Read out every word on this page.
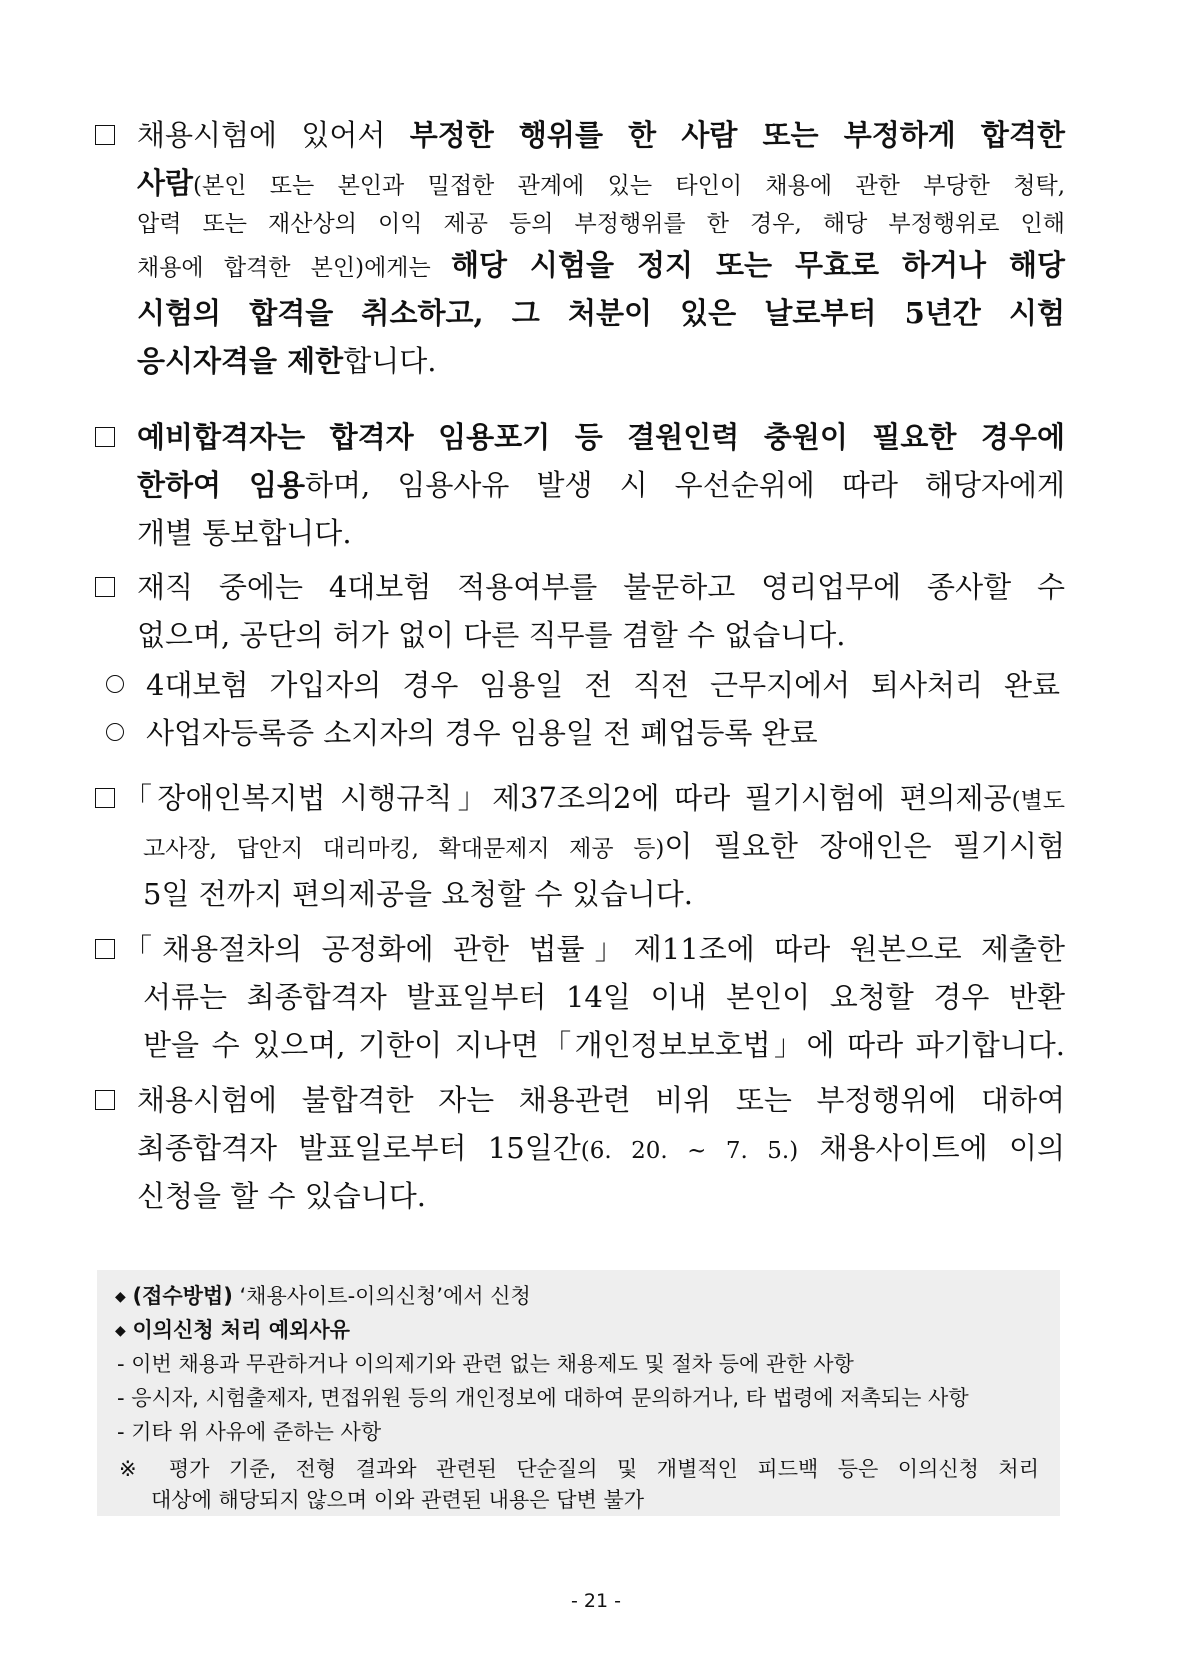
채용시험에 있어서 부정한 행위를 한 사람 또는 부정하게 합격한
사람(본인 또는 본인과 밀접한 관계에 있는 타인이 채용에 관한 부당한 청탁,
압력 또는 재산상의 이익 제공 등의 부정행위를 한 경우, 해당 부정행위로 인해
채용에 합격한 본인)에게는 해당 시험을 정지 또는 무효로 하거나 해당
시험의 합격을 취소하고, 그 처분이 있은 날로부터 5년간 시험
응시자격을 제한합니다.
예비합격자는 합격자 임용포기 등 결원인력 충원이 필요한 경우에
한하여 임용하며, 임용사유 발생 시 우선순위에 따라 해당자에게
개별 통보합니다.
재직 중에는 4대보험 적용여부를 불문하고 영리업무에 종사할 수
없으며, 공단의 허가 없이 다른 직무를 겸할 수 없습니다.
4대보험 가입자의 경우 임용일 전 직전 근무지에서 퇴사처리 완료
사업자등록증 소지자의 경우 임용일 전 폐업등록 완료
「장애인복지법 시행규칙」제37조의2에 따라 필기시험에 편의제공(별도
고사장, 답안지 대리마킹, 확대문제지 제공 등)이 필요한 장애인은 필기시험
5일 전까지 편의제공을 요청할 수 있습니다.
「채용절차의 공정화에 관한 법률」제11조에 따라 원본으로 제출한
서류는 최종합격자 발표일부터 14일 이내 본인이 요청할 경우 반환
받을 수 있으며, 기한이 지나면「개인정보보호법」에 따라 파기합니다.
채용시험에 불합격한 자는 채용관련 비위 또는 부정행위에 대하여
최종합격자 발표일로부터 15일간(6. 20. ~ 7. 5.) 채용사이트에 이의
신청을 할 수 있습니다.
◆ (접수방법) ‘채용사이트-이의신청’에서 신청
◆ 이의신청 처리 예외사유
- 이번 채용과 무관하거나 이의제기와 관련 없는 채용제도 및 절차 등에 관한 사항
- 응시자, 시험출제자, 면접위원 등의 개인정보에 대하여 문의하거나, 타 법령에 저촉되는 사항
- 기타 위 사유에 준하는 사항
※ 평가 기준, 전형 결과와 관련된 단순질의 및 개별적인 피드백 등은 이의신청 처리
대상에 해당되지 않으며 이와 관련된 내용은 답변 불가
- 21 -
